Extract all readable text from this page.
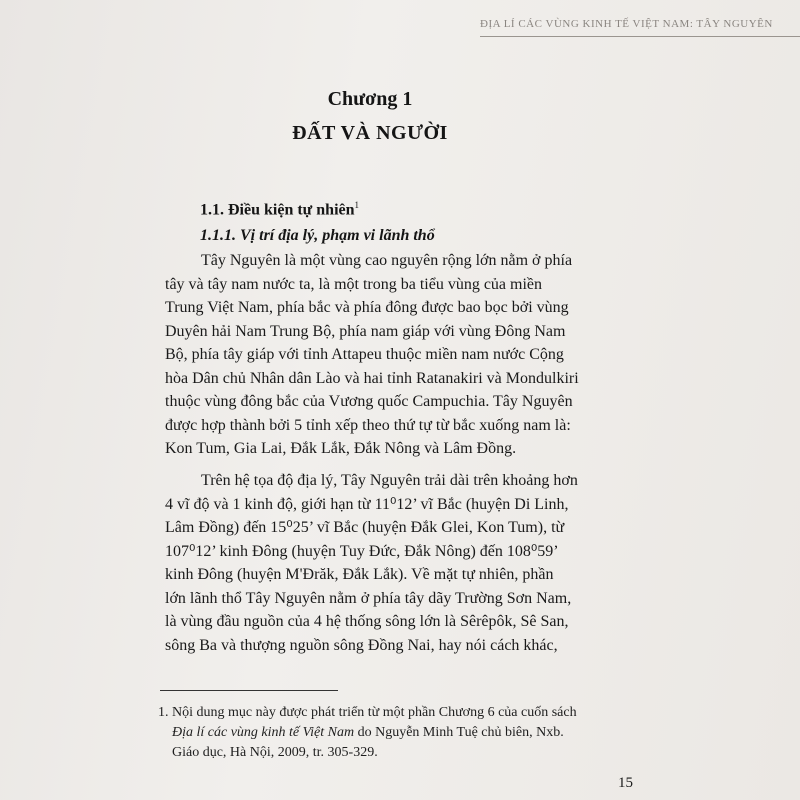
ĐỊA LÍ CÁC VÙNG KINH TẾ VIỆT NAM: TÂY NGUYÊN
Chương 1
ĐẤT VÀ NGƯỜI
1.1. Điều kiện tự nhiên$^1$
1.1.1. Vị trí địa lý, phạm vi lãnh thổ

Tây Nguyên là một vùng cao nguyên rộng lớn nằm ở phía
tây và tây nam nước ta, là một trong ba tiểu vùng của miền
Trung Việt Nam, phía bắc và phía đông được bao bọc bởi vùng
Duyên hải Nam Trung Bộ, phía nam giáp với vùng Đông Nam
Bộ, phía tây giáp với tỉnh Attapeu thuộc miền nam nước Cộng
hòa Dân chủ Nhân dân Lào và hai tỉnh Ratanakiri và Mondulkiri
thuộc vùng đông bắc của Vương quốc Campuchia. Tây Nguyên
được hợp thành bởi 5 tỉnh xếp theo thứ tự từ bắc xuống nam là:
Kon Tum, Gia Lai, Đắk Lắk, Đắk Nông và Lâm Đồng.

Trên hệ tọa độ địa lý, Tây Nguyên trải dài trên khoảng hơn
4 vĩ độ và 1 kinh độ, giới hạn từ 11⁰12’ vĩ Bắc (huyện Di Linh,
Lâm Đồng) đến 15⁰25’ vĩ Bắc (huyện Đắk Glei, Kon Tum), từ
107⁰12’ kinh Đông (huyện Tuy Đức, Đắk Nông) đến 108⁰59’
kinh Đông (huyện M'Đrăk, Đắk Lắk). Về mặt tự nhiên, phần
lớn lãnh thổ Tây Nguyên nằm ở phía tây dãy Trường Sơn Nam,
là vùng đầu nguồn của 4 hệ thống sông lớn là Sêrêpôk, Sê San,
sông Ba và thượng nguồn sông Đồng Nai, hay nói cách khác,

1. Nội dung mục này được phát triển từ một phần Chương 6 của cuốn sách
Địa lí các vùng kinh tế Việt Nam do Nguyễn Minh Tuệ chủ biên, Nxb.
Giáo dục, Hà Nội, 2009, tr. 305-329.
15
